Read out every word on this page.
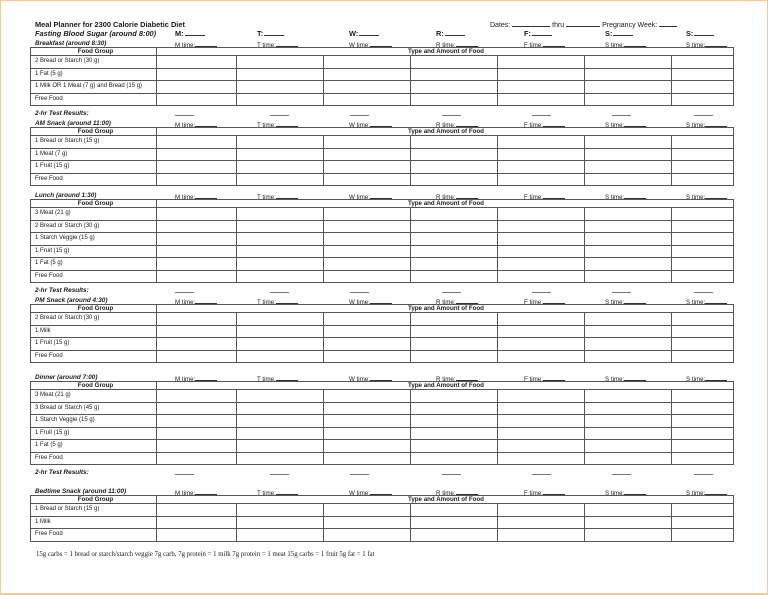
Meal Planner for 2300 Calorie Diabetic Diet
Fasting Blood Sugar (around 8:00)
Dates:	thru	Pregnancy Week:
M:	T:	W:	R:	F:	S:	S:
Breakfast (around 8:30)	M time:	T time:	W time:	R time:	F time:	S time:	S time:
Food Group	Type and Amount of Food						
2 Bread or Starch (30 g)							
1 Fat (5 g)							
1 Milk OR 1 Meat (7 g) and Bread (15 g)							
Free Food							
2-hr Test Results:
AM Snack (around 11:00)	M time:	T time:	W time:	R time:	F time:	S time:	S time:
Food Group	Type and Amount of Food						
1 Bread or Starch (15 g)							
1 Meat (7 g)							
1 Fruit (15 g)							
Free Food							
Lunch (around 1:30)	M time:	T time:	W time:	R time:	F time:	S time:	S time:
Food Group	Type and Amount of Food						
3 Meat (21 g)							
2 Bread or Starch (30 g)							
1 Starch Veggie (15 g)							
1 Fruit (15 g)							
1 Fat (5 g)							
Free Food							
2-hr Test Results:
PM Snack (around 4:30)	M time:	T time:	W time:	R time:	F time:	S time:	S time:
Food Group	Type and Amount of Food						
2 Bread or Starch (30 g)							
1 Milk							
1 Fruit (15 g)							
Free Food							
Dinner (around 7:00)	M time:	T time:	W time:	R time:	F time:	S time:	S time:
Food Group	Type and Amount of Food						
3 Meat (21 g)							
3 Bread or Starch (45 g)							
1 Starch Veggie (15 g)							
1 Fruit (15 g)							
1 Fat (5 g)							
Free Food							
2-hr Test Results:
Bedtime Snack (around 11:00)	M time:	T time:	W time:	R time:	F time:	S time:	S time:
Food Group	Type and Amount of Food						
1 Bread or Starch (15 g)							
1 Milk							
Free Food							
15g carbs = 1 bread or starch/starch veggie 7g carb, 7g protein = 1 milk 7g protein = 1 meat 15g carbs = 1 fruit 5g fat = 1 fat
